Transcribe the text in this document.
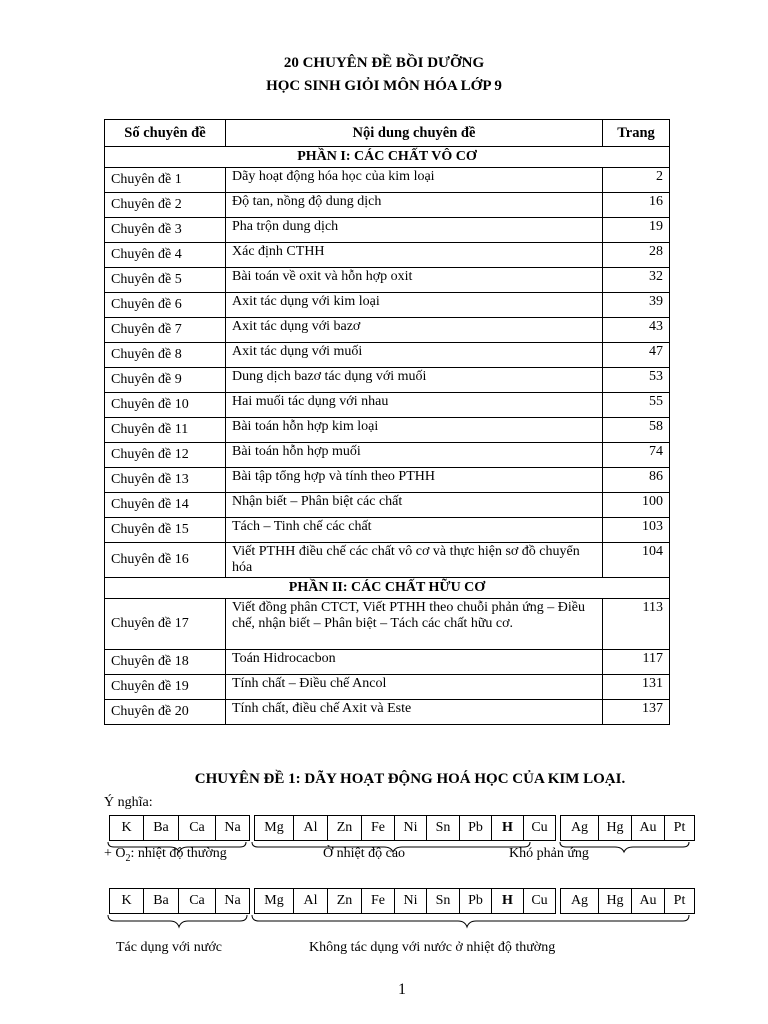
20 CHUYÊN ĐỀ BỒI DƯỠNG
HỌC SINH GIỎI MÔN HÓA LỚP 9
Số chuyên đề	Nội dung chuyên đề	Trang
PHẦN I: CÁC CHẤT VÔ CƠ		
Chuyên đề 1	Dãy hoạt động hóa học của kim loại	2
Chuyên đề 2	Độ tan, nồng độ dung dịch	16
Chuyên đề 3	Pha trộn dung dịch	19
Chuyên đề 4	Xác định CTHH	28
Chuyên đề 5	Bài toán về oxit và hỗn hợp oxit	32
Chuyên đề 6	Axit tác dụng với kim loại	39
Chuyên đề 7	Axit tác dụng với bazơ	43
Chuyên đề 8	Axit tác dụng với muối	47
Chuyên đề 9	Dung dịch bazơ tác dụng với muối	53
Chuyên đề 10	Hai muối tác dụng với nhau	55
Chuyên đề 11	Bài toán hỗn hợp kim loại	58
Chuyên đề 12	Bài toán hỗn hợp muối	74
Chuyên đề 13	Bài tập tổng hợp và tính theo PTHH	86
Chuyên đề 14	Nhận biết – Phân biệt các chất	100
Chuyên đề 15	Tách – Tinh chế các chất	103
Chuyên đề 16	Viết PTHH điều chế các chất vô cơ và thực hiện sơ đồ chuyển hóa	104
PHẦN II: CÁC CHẤT HỮU CƠ		
Chuyên đề 17	Viết đồng phân CTCT, Viết PTHH theo chuỗi phản ứng – Điều chế, nhận biết – Phân biệt – Tách các chất hữu cơ.	113
Chuyên đề 18	Toán Hidrocacbon	117
Chuyên đề 19	Tính chất – Điều chế Ancol	131
Chuyên đề 20	Tính chất, điều chế Axit và Este	137
CHUYÊN ĐỀ 1: DÃY HOẠT ĐỘNG HOÁ HỌC CỦA KIM LOẠI.
Ý nghĩa:
K	Ba	Ca	Na	Mg	Al	Zn	Fe	Ni	Sn	Pb	H	Cu	Ag	Hg	Au	Pt
+ $O_2$: nhiệt độ thường	Ở nhiệt độ cao	Khó phản ứng
K	Ba	Ca	Na	Mg	Al	Zn	Fe	Ni	Sn	Pb	H	Cu	Ag	Hg	Au	Pt
Tác dụng với nước	Không tác dụng với nước ở nhiệt độ thường
1
